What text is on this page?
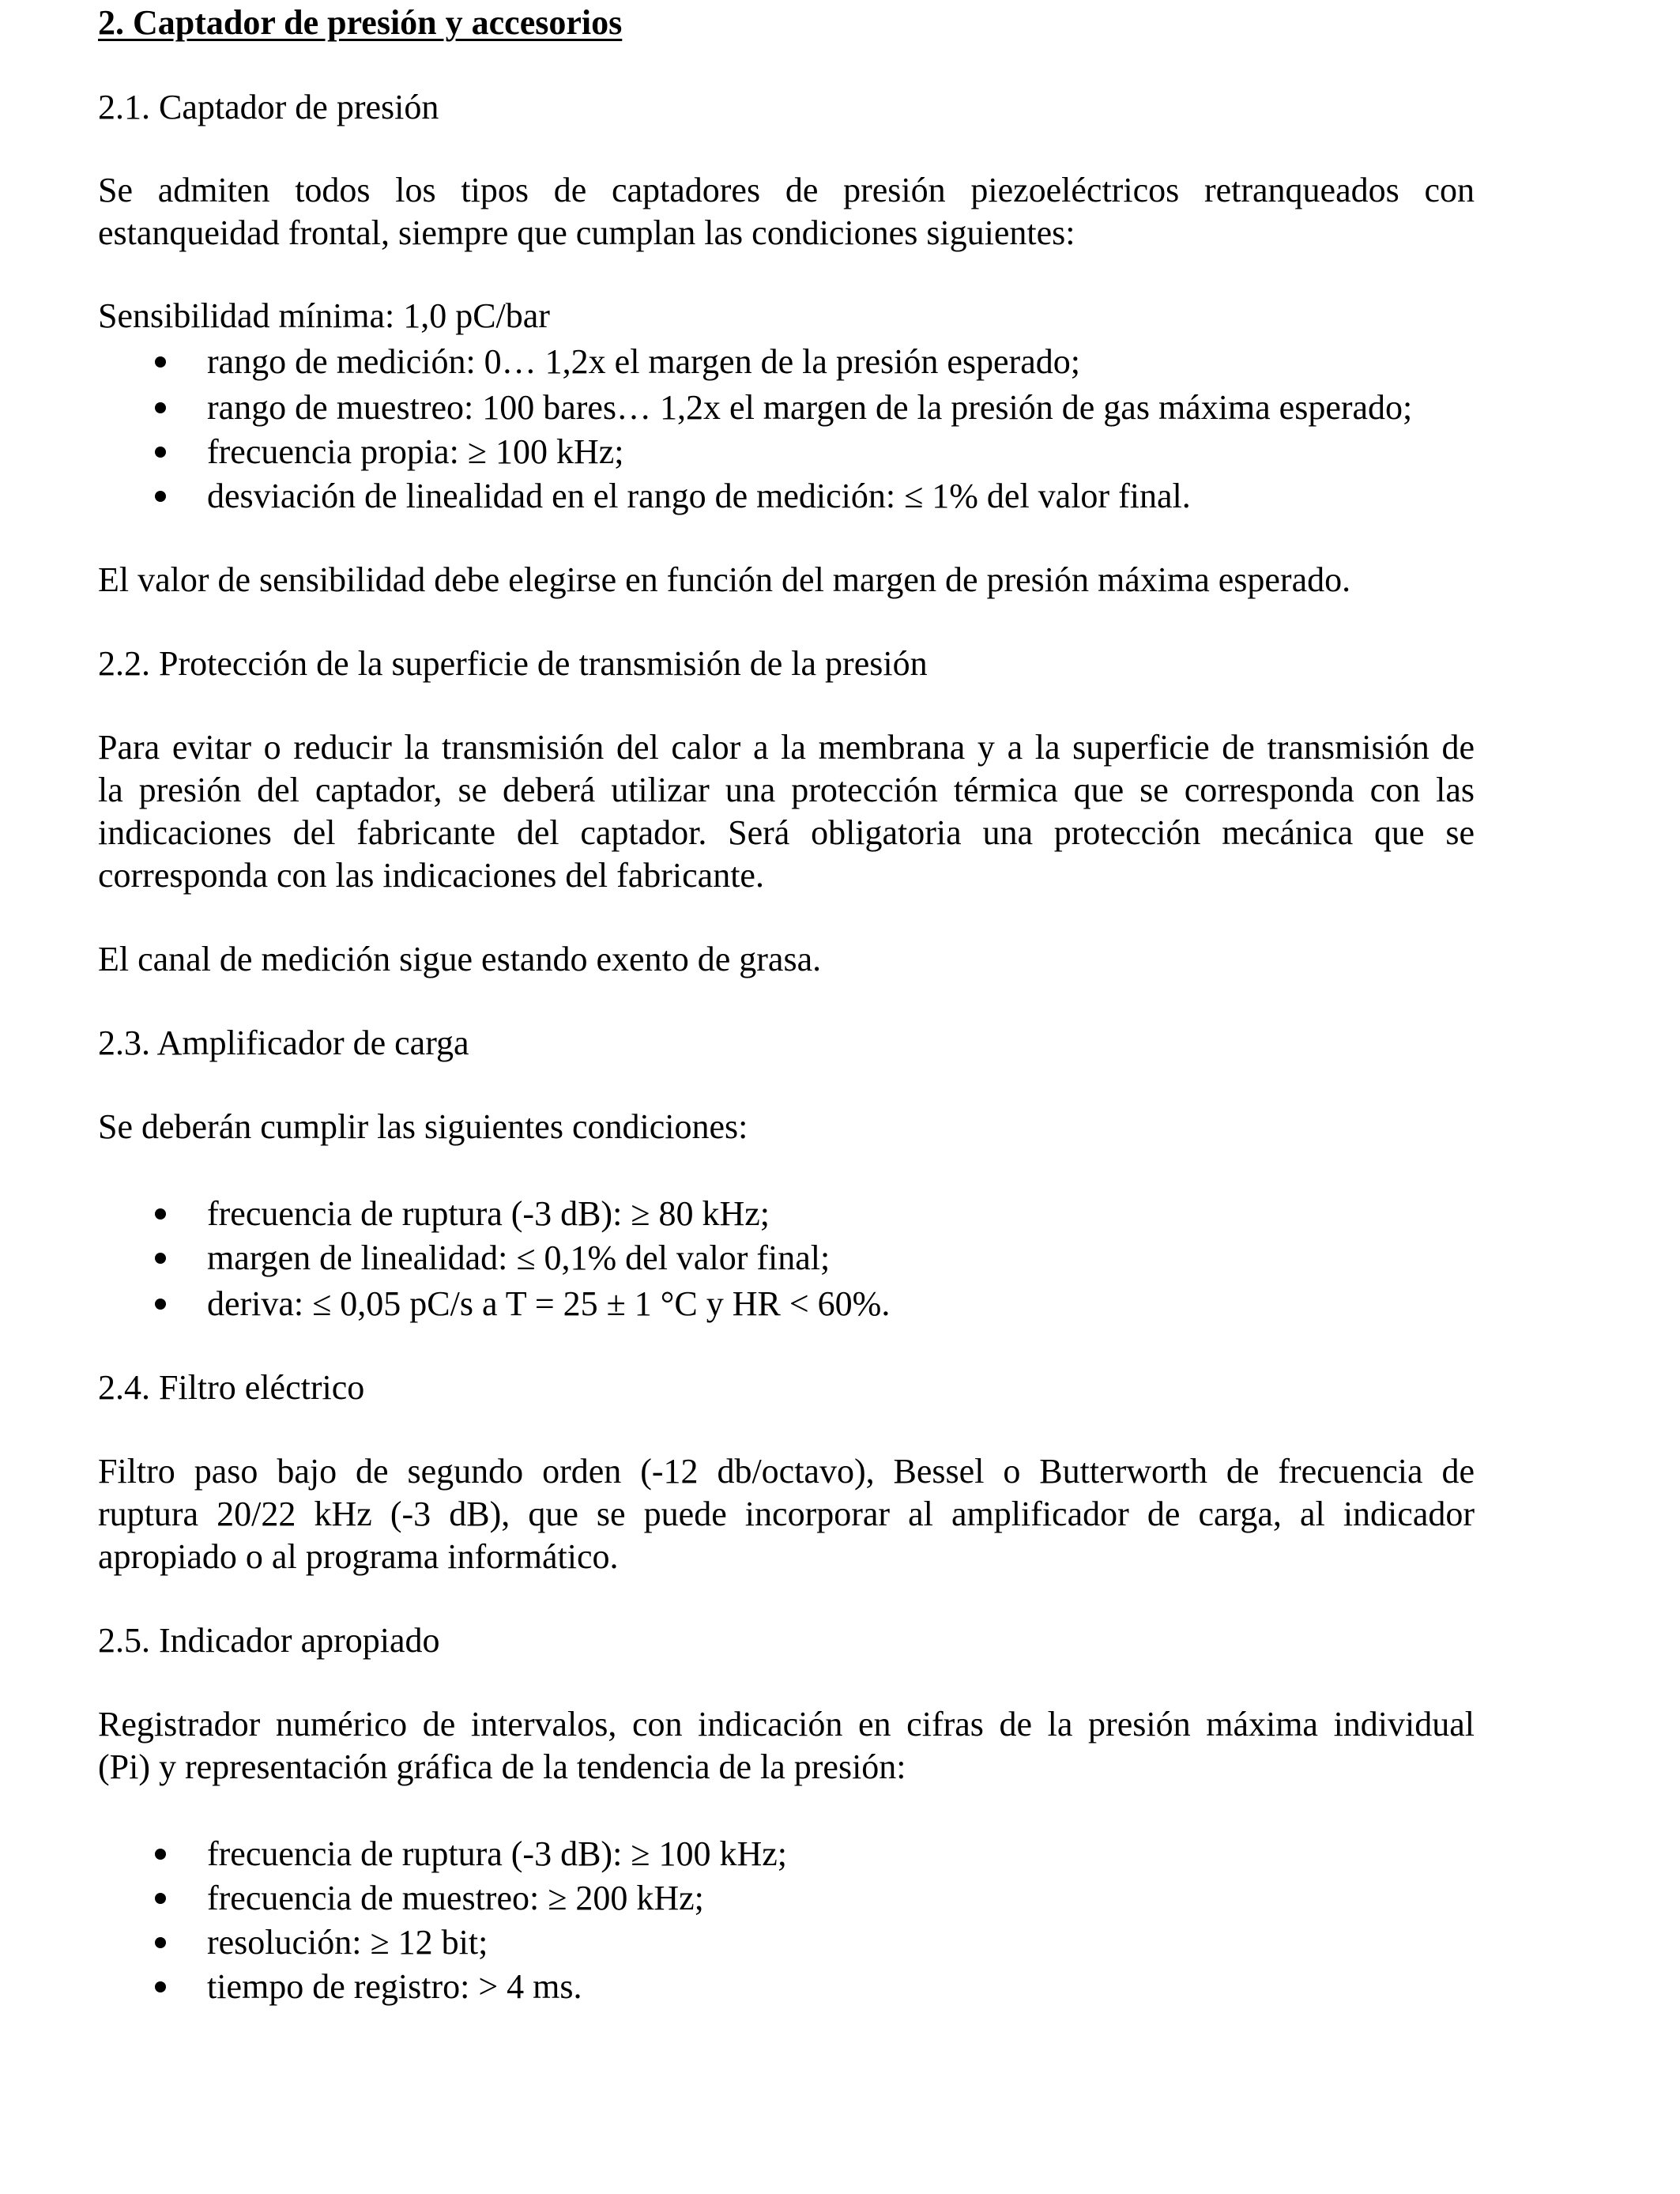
2. Captador de presión y accesorios
2.1. Captador de presión
Se admiten todos los tipos de captadores de presión piezoeléctricos retranqueados con
estanqueidad frontal, siempre que cumplan las condiciones siguientes:
Sensibilidad mínima: 1,0 pC/bar
rango de medición: 0… 1,2x el margen de la presión esperado;
rango de muestreo: 100 bares… 1,2x el margen de la presión de gas máxima esperado;
frecuencia propia: ≥ 100 kHz;
desviación de linealidad en el rango de medición: ≤ 1% del valor final.
El valor de sensibilidad debe elegirse en función del margen de presión máxima esperado.
2.2. Protección de la superficie de transmisión de la presión
Para evitar o reducir la transmisión del calor a la membrana y a la superficie de transmisión de
la presión del captador, se deberá utilizar una protección térmica que se corresponda con las
indicaciones del fabricante del captador. Será obligatoria una protección mecánica que se
corresponda con las indicaciones del fabricante.
El canal de medición sigue estando exento de grasa.
2.3. Amplificador de carga
Se deberán cumplir las siguientes condiciones:
frecuencia de ruptura (-3 dB): ≥ 80 kHz;
margen de linealidad: ≤ 0,1% del valor final;
deriva: ≤ 0,05 pC/s a T = 25 ± 1 °C y HR < 60%.
2.4. Filtro eléctrico
Filtro paso bajo de segundo orden (-12 db/octavo), Bessel o Butterworth de frecuencia de
ruptura 20/22 kHz (-3 dB), que se puede incorporar al amplificador de carga, al indicador
apropiado o al programa informático.
2.5. Indicador apropiado
Registrador numérico de intervalos, con indicación en cifras de la presión máxima individual
(Pi) y representación gráfica de la tendencia de la presión:
frecuencia de ruptura (-3 dB): ≥ 100 kHz;
frecuencia de muestreo: ≥ 200 kHz;
resolución: ≥ 12 bit;
tiempo de registro: > 4 ms.
